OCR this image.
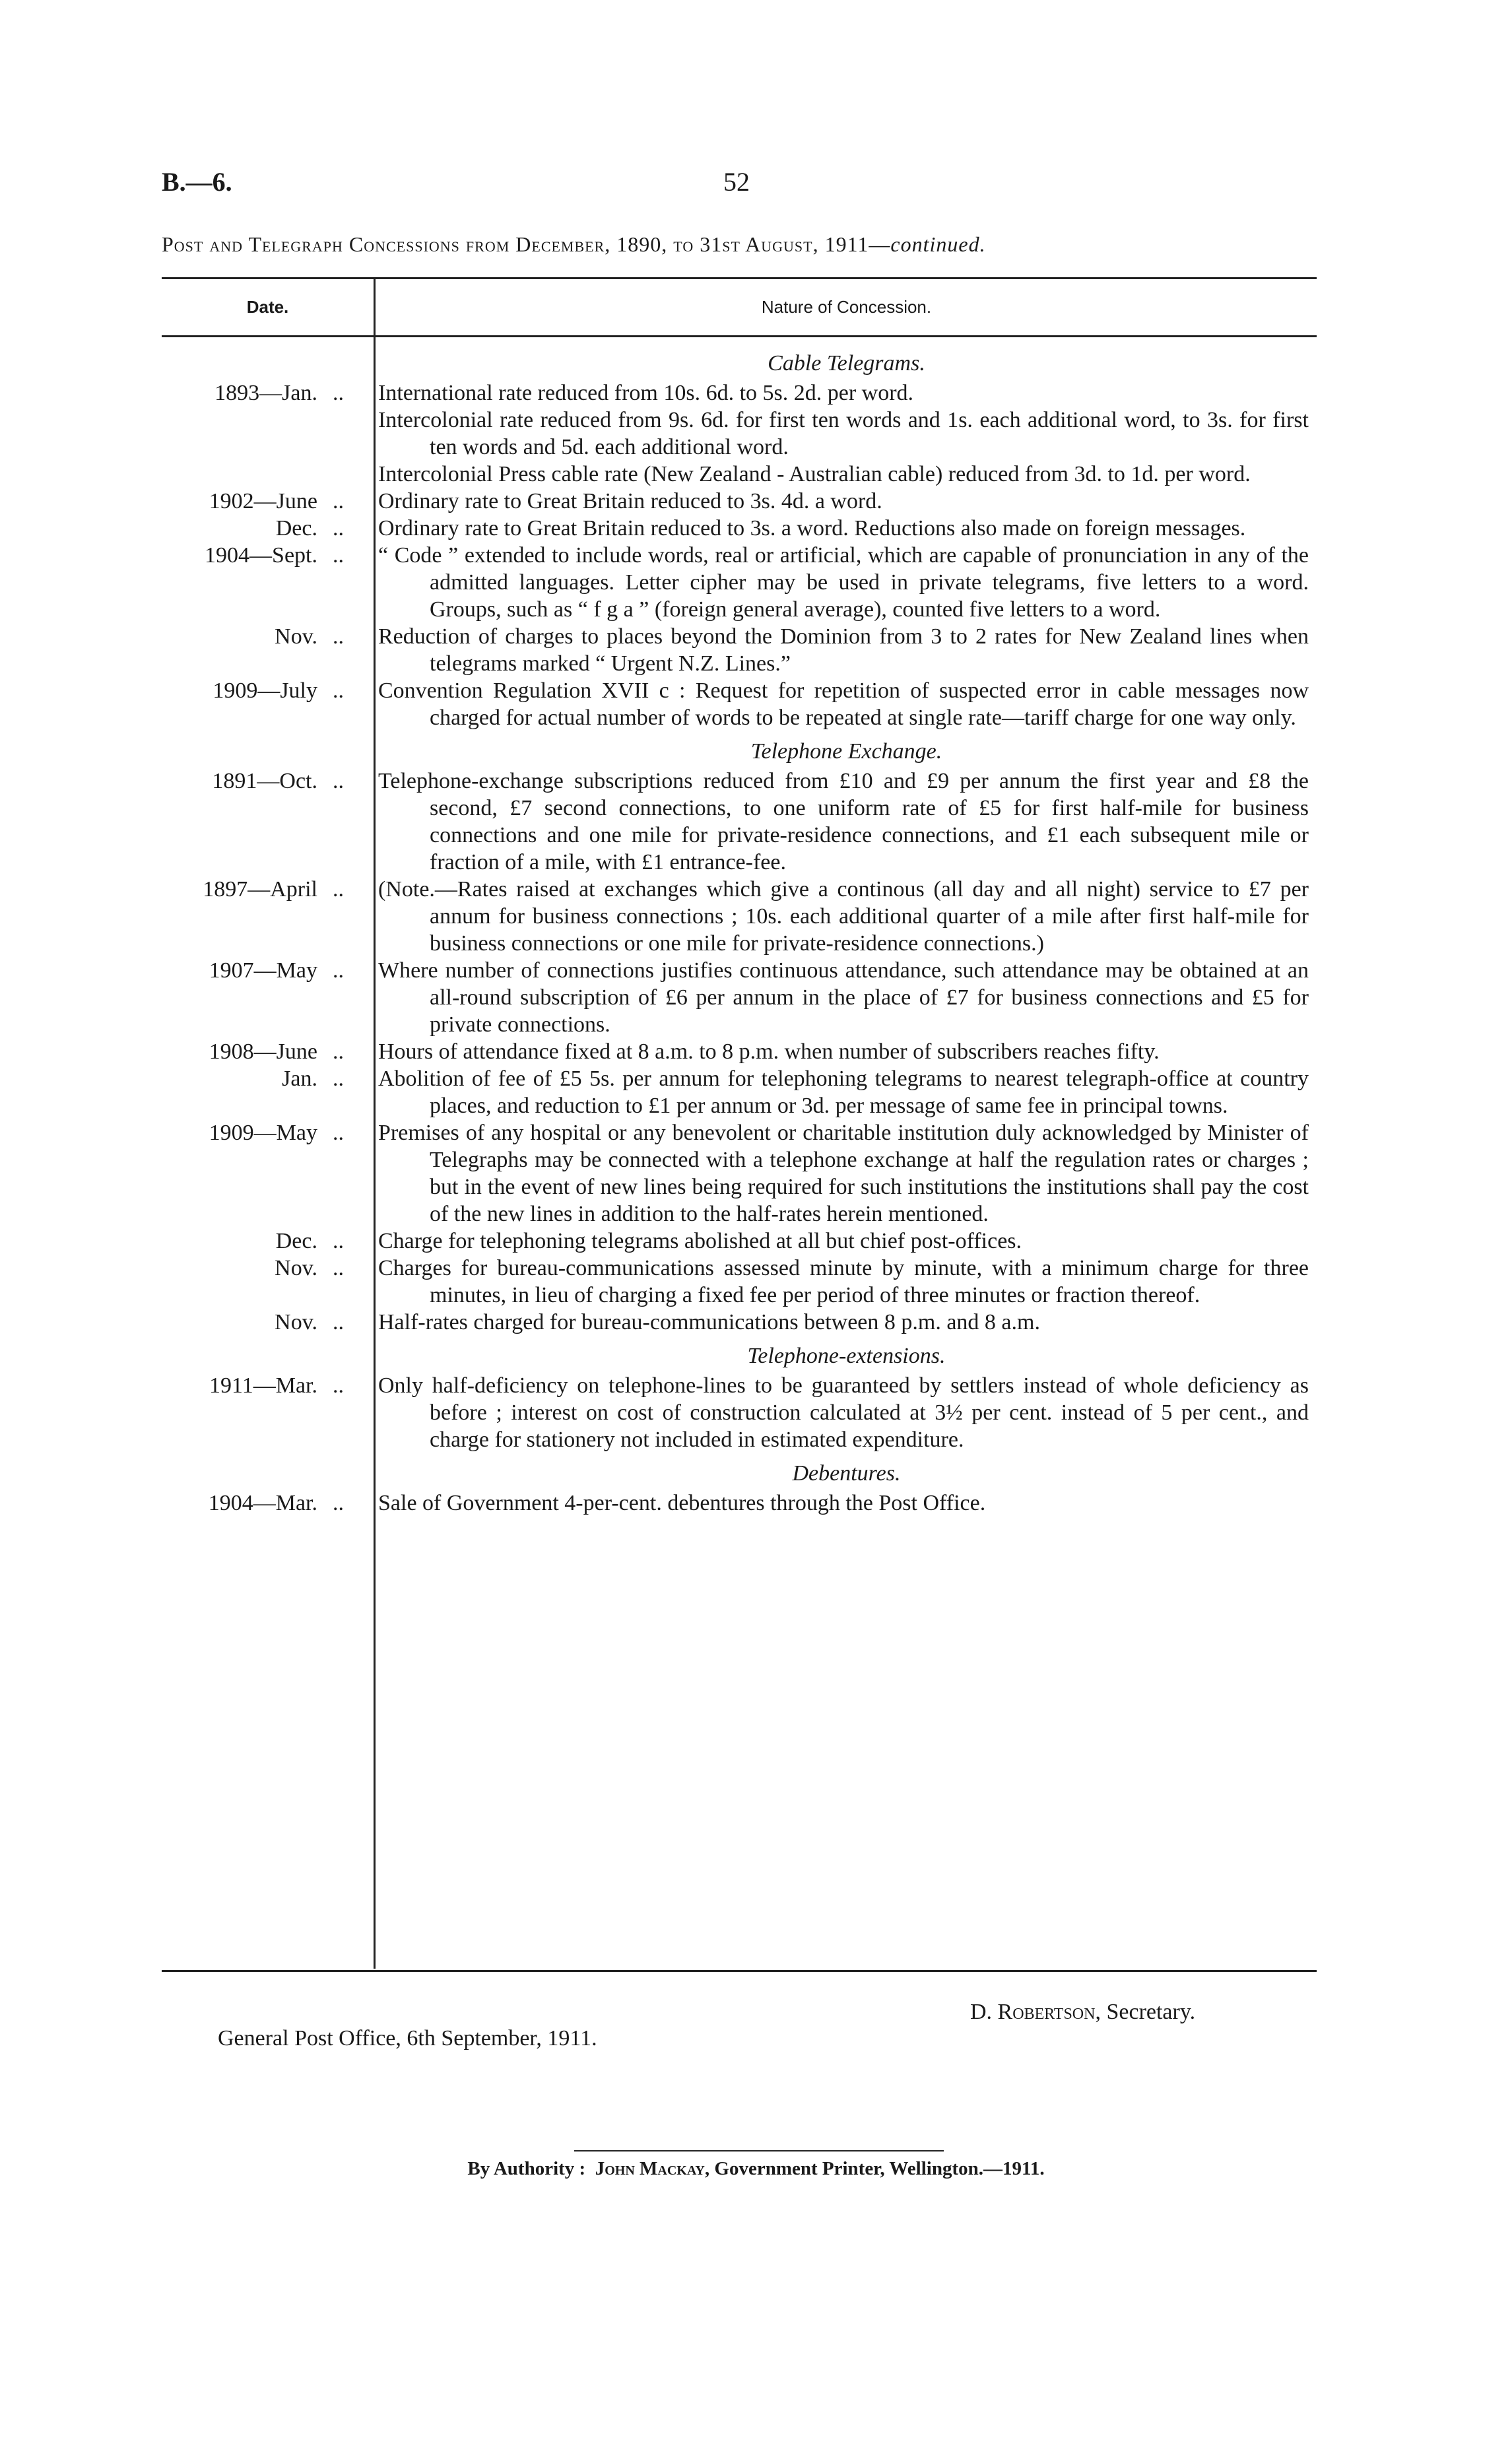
B.—6.	52
Post and Telegraph Concessions from December, 1890, to 31st August, 1911—continued.
Date.	Nature of Concession.
Cable Telegrams.
1893—Jan. ..	International rate reduced from 10s. 6d. to 5s. 2d. per word.
Intercolonial rate reduced from 9s. 6d. for first ten words and 1s. each additional word, to 3s. for first ten words and 5d. each additional word.
Intercolonial Press cable rate (New Zealand - Australian cable) reduced from 3d. to 1d. per word.
1902—June ..	Ordinary rate to Great Britain reduced to 3s. 4d. a word.
Dec. ..	Ordinary rate to Great Britain reduced to 3s. a word. Reductions also made on foreign messages.
1904—Sept. ..	“ Code ” extended to include words, real or artificial, which are capable of pronunciation in any of the admitted languages. Letter cipher may be used in private telegrams, five letters to a word. Groups, such as “ f g a ” (foreign general average), counted five letters to a word.
Nov. ..	Reduction of charges to places beyond the Dominion from 3 to 2 rates for New Zealand lines when telegrams marked “ Urgent N.Z. Lines.”
1909—July ..	Convention Regulation XVII c : Request for repetition of suspected error in cable messages now charged for actual number of words to be repeated at single rate—tariff charge for one way only.
Telephone Exchange.
1891—Oct. ..	Telephone-exchange subscriptions reduced from £10 and £9 per annum the first year and £8 the second, £7 second connections, to one uniform rate of £5 for first half-mile for business connections and one mile for private-residence connections, and £1 each subsequent mile or fraction of a mile, with £1 entrance-fee.
1897—April ..	(Note.—Rates raised at exchanges which give a continous (all day and all night) service to £7 per annum for business connections ; 10s. each additional quarter of a mile after first half-mile for business connections or one mile for private-residence connections.)
1907—May ..	Where number of connections justifies continuous attendance, such attendance may be obtained at an all-round subscription of £6 per annum in the place of £7 for business connections and £5 for private connections.
1908—June ..	Hours of attendance fixed at 8 a.m. to 8 p.m. when number of subscribers reaches fifty.
Jan. ..	Abolition of fee of £5 5s. per annum for telephoning telegrams to nearest telegraph-office at country places, and reduction to £1 per annum or 3d. per message of same fee in principal towns.
1909—May ..	Premises of any hospital or any benevolent or charitable institution duly acknowledged by Minister of Telegraphs may be connected with a telephone exchange at half the regulation rates or charges ; but in the event of new lines being required for such institutions the institutions shall pay the cost of the new lines in addition to the half-rates herein mentioned.
Dec. ..	Charge for telephoning telegrams abolished at all but chief post-offices.
Nov. ..	Charges for bureau-communications assessed minute by minute, with a minimum charge for three minutes, in lieu of charging a fixed fee per period of three minutes or fraction thereof.
Nov. ..	Half-rates charged for bureau-communications between 8 p.m. and 8 a.m.
Telephone-extensions.
1911—Mar. ..	Only half-deficiency on telephone-lines to be guaranteed by settlers instead of whole deficiency as before ; interest on cost of construction calculated at 3½ per cent. instead of 5 per cent., and charge for stationery not included in estimated expenditure.
Debentures.
1904—Mar. ..	Sale of Government 4-per-cent. debentures through the Post Office.
D. Robertson, Secretary.
General Post Office, 6th September, 1911.
By Authority : John Mackay, Government Printer, Wellington.—1911.
